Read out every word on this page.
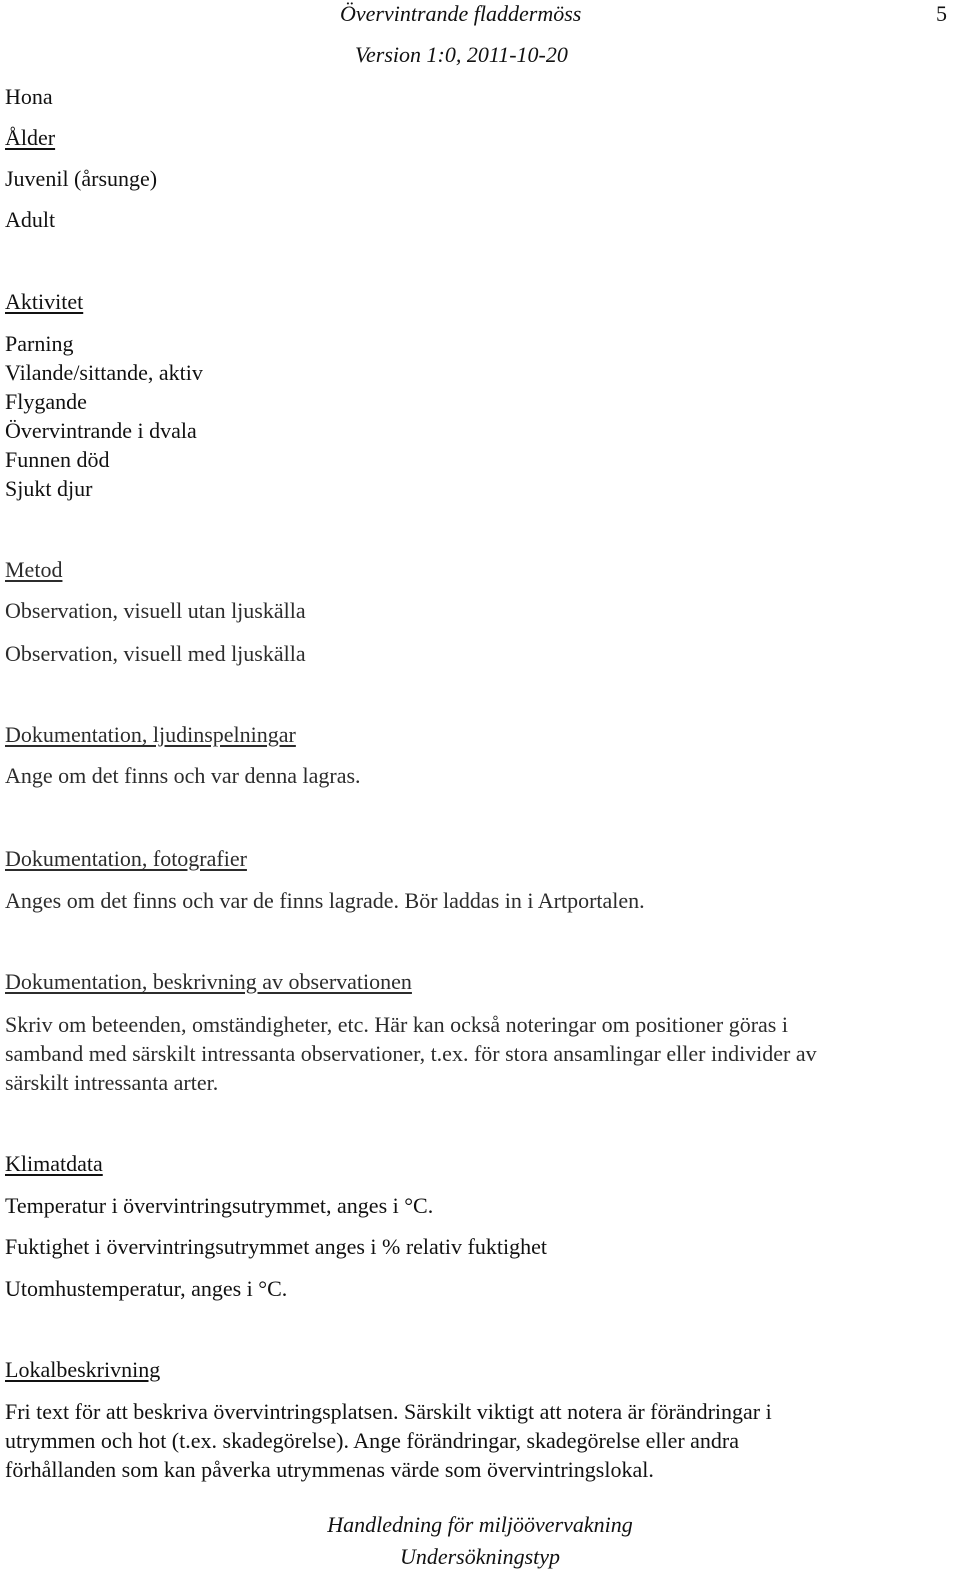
Övervintrande fladdermöss	5
Version 1:0, 2011-10-20
Hona
Ålder
Juvenil (årsunge)
Adult
Aktivitet
Parning
Vilande/sittande, aktiv
Flygande
Övervintrande i dvala
Funnen död
Sjukt djur
Metod
Observation, visuell utan ljuskälla
Observation, visuell med ljuskälla
Dokumentation, ljudinspelningar
Ange om det finns och var denna lagras.
Dokumentation, fotografier
Anges om det finns och var de finns lagrade. Bör laddas in i Artportalen.
Dokumentation, beskrivning av observationen
Skriv om beteenden, omständigheter, etc. Här kan också noteringar om positioner göras i
samband med särskilt intressanta observationer, t.ex. för stora ansamlingar eller individer av
särskilt intressanta arter.
Klimatdata
Temperatur i övervintringsutrymmet, anges i °C.
Fuktighet i övervintringsutrymmet anges i % relativ fuktighet
Utomhustemperatur, anges i °C.
Lokalbeskrivning
Fri text för att beskriva övervintringsplatsen. Särskilt viktigt att notera är förändringar i
utrymmen och hot (t.ex. skadegörelse). Ange förändringar, skadegörelse eller andra
förhållanden som kan påverka utrymmenas värde som övervintringslokal.
Handledning för miljöövervakning
Undersökningstyp
